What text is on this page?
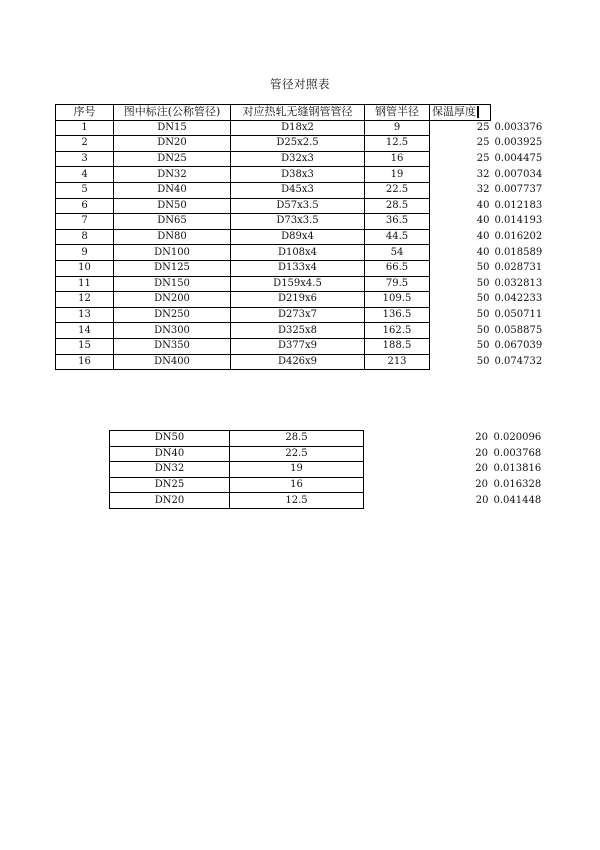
管径对照表
序号	图中标注(公称管径)	对应热轧无缝钢管管径	钢管半径	保温厚度	
1	DN15	D18x2	9	25	0.003376
2	DN20	D25x2.5	12.5	25	0.003925
3	DN25	D32x3	16	25	0.004475
4	DN32	D38x3	19	32	0.007034
5	DN40	D45x3	22.5	32	0.007737
6	DN50	D57x3.5	28.5	40	0.012183
7	DN65	D73x3.5	36.5	40	0.014193
8	DN80	D89x4	44.5	40	0.016202
9	DN100	D108x4	54	40	0.018589
10	DN125	D133x4	66.5	50	0.028731
11	DN150	D159x4.5	79.5	50	0.032813
12	DN200	D219x6	109.5	50	0.042233
13	DN250	D273x7	136.5	50	0.050711
14	DN300	D325x8	162.5	50	0.058875
15	DN350	D377x9	188.5	50	0.067039
16	DN400	D426x9	213	50	0.074732
DN50	28.5	20	0.020096
DN40	22.5	20	0.003768
DN32	19	20	0.013816
DN25	16	20	0.016328
DN20	12.5	20	0.041448
